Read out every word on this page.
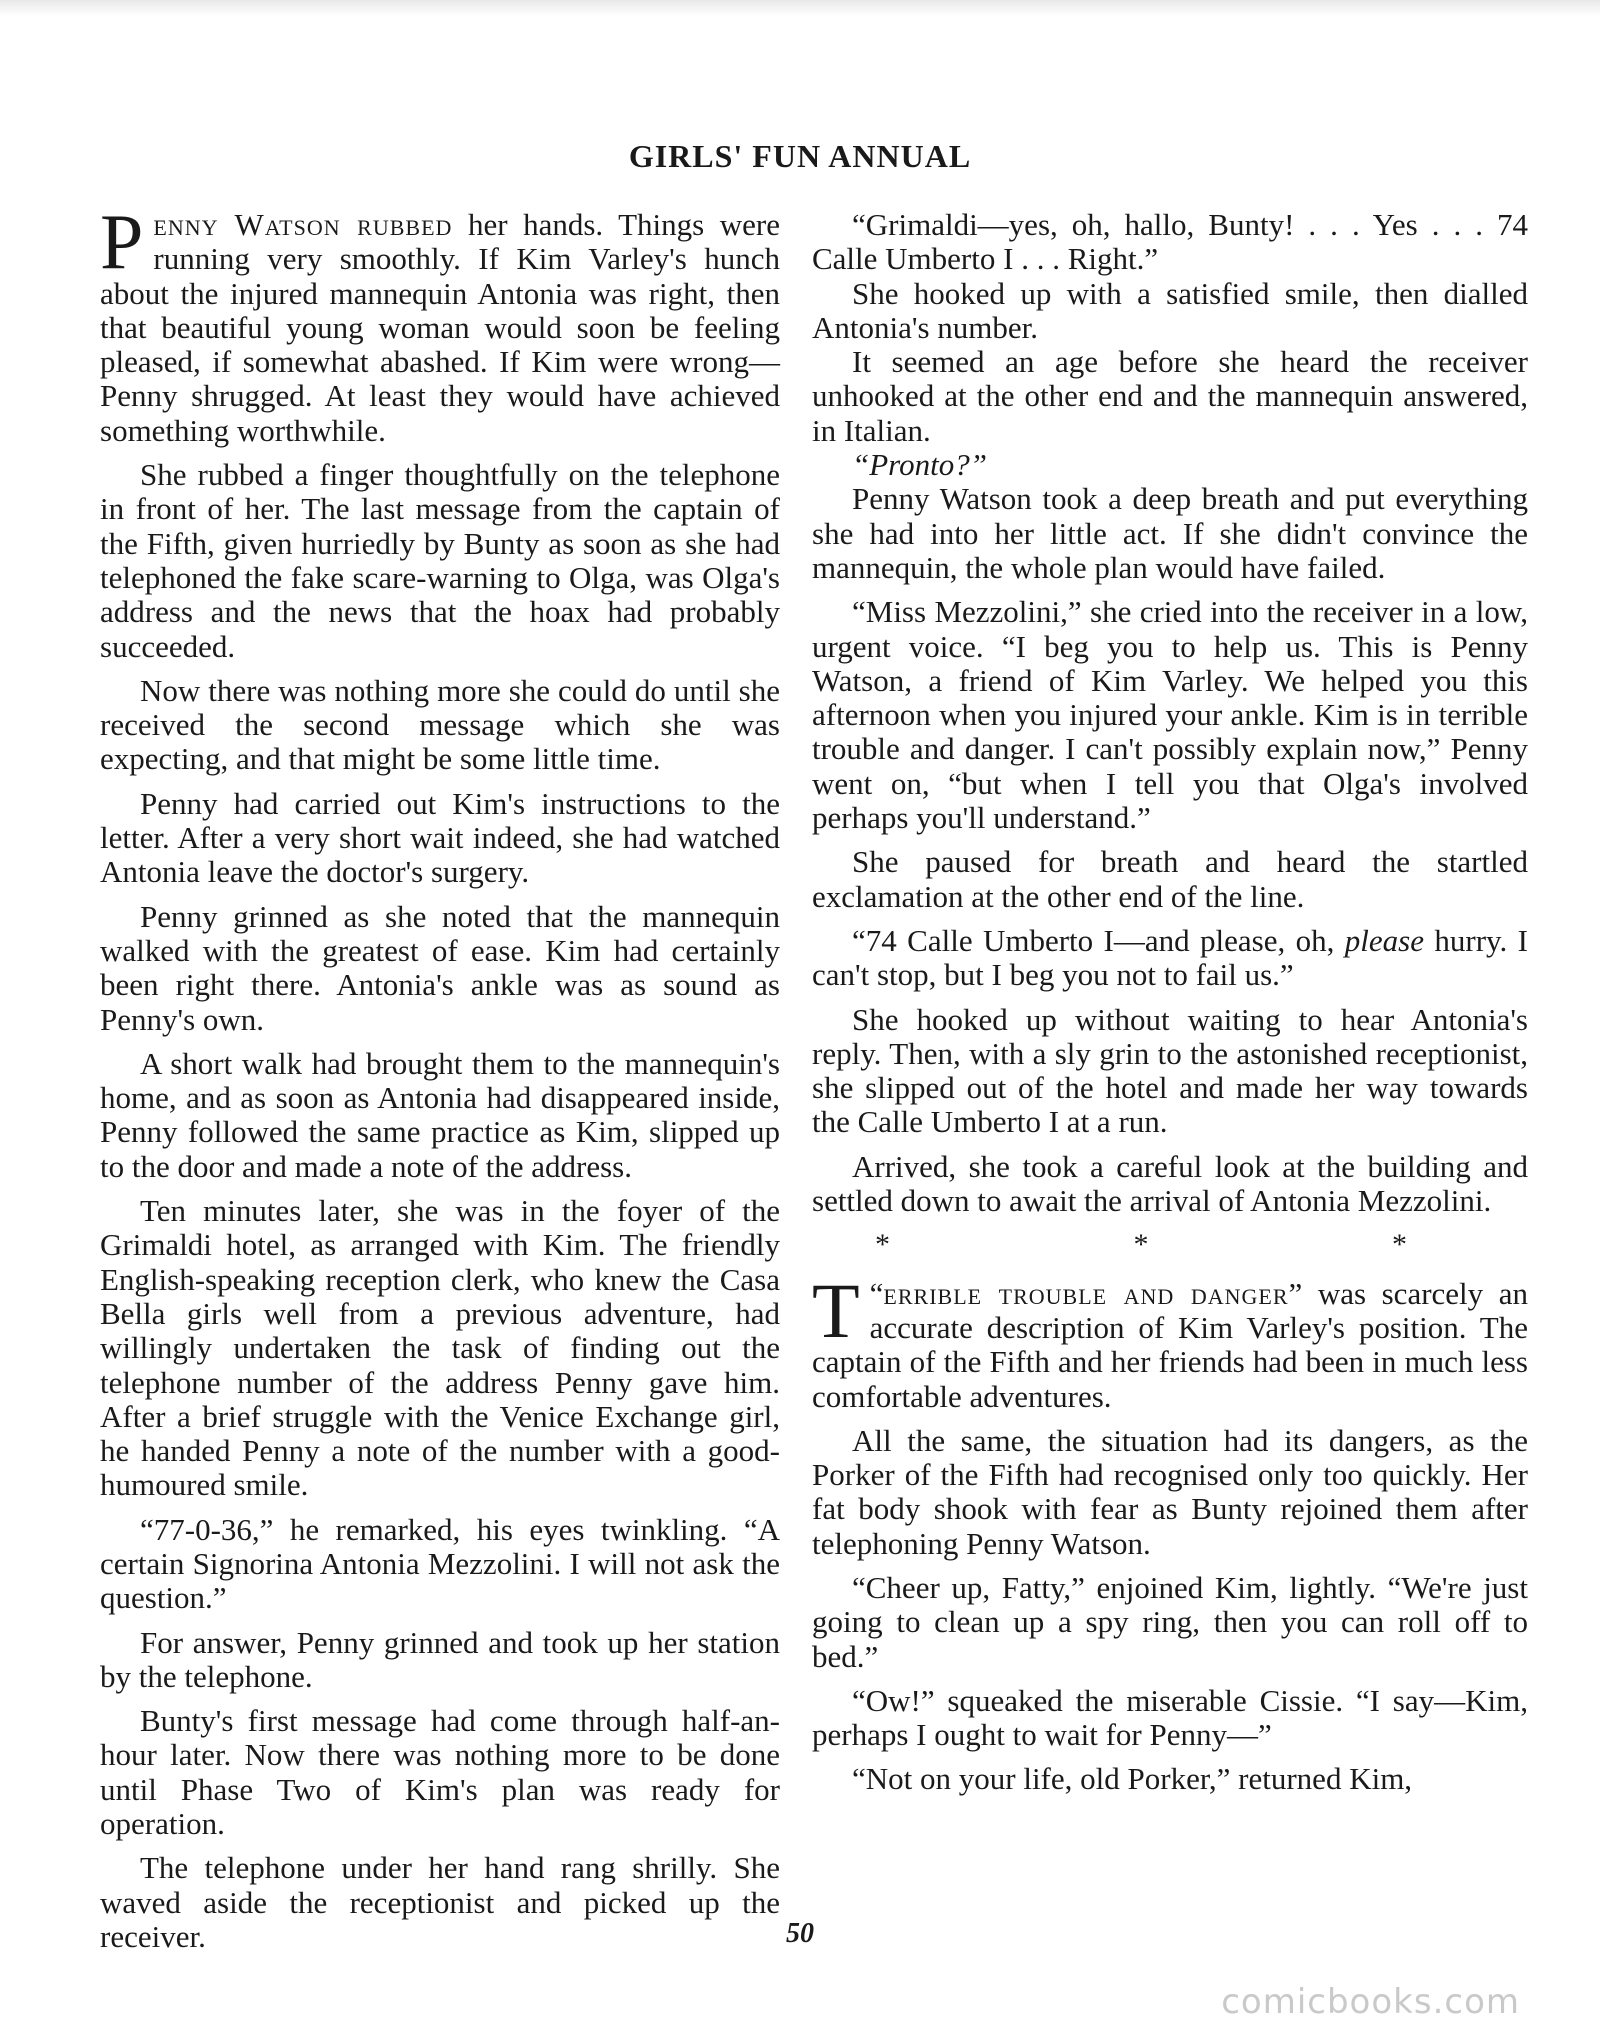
GIRLS' FUN ANNUAL

Penny Watson rubbed her hands. Things were running very smoothly. If Kim Varley's hunch about the injured mannequin Antonia was right, then that beautiful young woman would soon be feeling pleased, if somewhat abashed. If Kim were wrong—Penny shrugged. At least they would have achieved something worthwhile.

She rubbed a finger thoughtfully on the telephone in front of her. The last message from the captain of the Fifth, given hurriedly by Bunty as soon as she had telephoned the fake scare-warning to Olga, was Olga's address and the news that the hoax had probably succeeded.

Now there was nothing more she could do until she received the second message which she was expecting, and that might be some little time.

Penny had carried out Kim's instructions to the letter. After a very short wait indeed, she had watched Antonia leave the doctor's surgery.

Penny grinned as she noted that the mannequin walked with the greatest of ease. Kim had certainly been right there. Antonia's ankle was as sound as Penny's own.

A short walk had brought them to the mannequin's home, and as soon as Antonia had disappeared inside, Penny followed the same practice as Kim, slipped up to the door and made a note of the address.

Ten minutes later, she was in the foyer of the Grimaldi hotel, as arranged with Kim. The friendly English-speaking reception clerk, who knew the Casa Bella girls well from a previous adventure, had willingly undertaken the task of finding out the telephone number of the address Penny gave him. After a brief struggle with the Venice Exchange girl, he handed Penny a note of the number with a good-humoured smile.

“77-0-36,” he remarked, his eyes twinkling. “A certain Signorina Antonia Mezzolini. I will not ask the question.”

For answer, Penny grinned and took up her station by the telephone.

Bunty's first message had come through half-an-hour later. Now there was nothing more to be done until Phase Two of Kim's plan was ready for operation.

The telephone under her hand rang shrilly. She waved aside the receptionist and picked up the receiver.

“Grimaldi—yes, oh, hallo, Bunty! . . . Yes . . . 74 Calle Umberto I . . . Right.”

She hooked up with a satisfied smile, then dialled Antonia's number.

It seemed an age before she heard the receiver unhooked at the other end and the mannequin answered, in Italian.

“Pronto?”

Penny Watson took a deep breath and put everything she had into her little act. If she didn't convince the mannequin, the whole plan would have failed.

“Miss Mezzolini,” she cried into the receiver in a low, urgent voice. “I beg you to help us. This is Penny Watson, a friend of Kim Varley. We helped you this afternoon when you injured your ankle. Kim is in terrible trouble and danger. I can't possibly explain now,” Penny went on, “but when I tell you that Olga's involved perhaps you'll understand.”

She paused for breath and heard the startled exclamation at the other end of the line.

“74 Calle Umberto I—and please, oh, please hurry. I can't stop, but I beg you not to fail us.”

She hooked up without waiting to hear Antonia's reply. Then, with a sly grin to the astonished receptionist, she slipped out of the hotel and made her way towards the Calle Umberto I at a run.

Arrived, she took a careful look at the building and settled down to await the arrival of Antonia Mezzolini.

* * *

“
T errible trouble and danger” was scarcely an accurate description of Kim Varley's position. The captain of the Fifth and her friends had been in much less comfortable adventures.

All the same, the situation had its dangers, as the Porker of the Fifth had recognised only too quickly. Her fat body shook with fear as Bunty rejoined them after telephoning Penny Watson.

“Cheer up, Fatty,” enjoined Kim, lightly. “We're just going to clean up a spy ring, then you can roll off to bed.”

“Ow!” squeaked the miserable Cissie. “I say—Kim, perhaps I ought to wait for Penny—”

“Not on your life, old Porker,” returned Kim,

50
comicbooks.com
